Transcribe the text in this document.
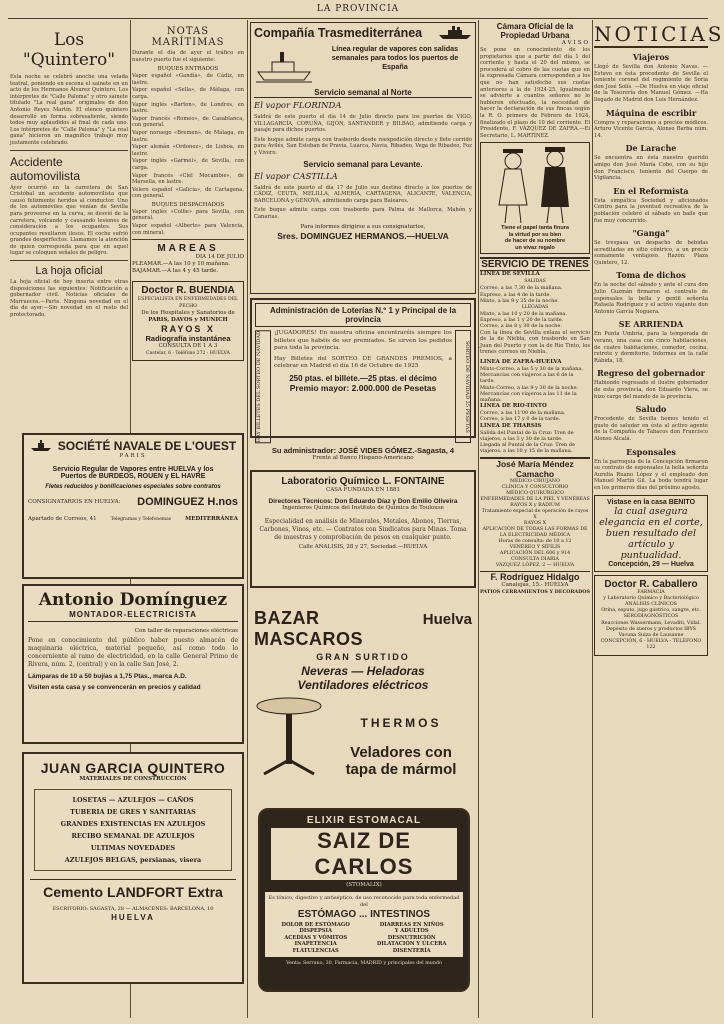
LA PROVINCIA
Los "Quintero"

Esta noche se celebró anoche una velada teatral, poniendo en escena el sainete en un acto de los Hermanos Álvarez Quintero. Los intérpretes de "Calle Paloma" y otro sainete titulado "La real gana" originales de don Antonio Reyes Martín. El elenco quintero desarrolló en forma sobresaliente, siendo todos muy aplaudidos al final de cada uno. Los intérpretes de "Calle Paloma" y "La real gana" hicieron un magnífico trabajo muy justamente celebrado.

Accidente automovilista

Ayer ocurrió en la carretera de San Cristóbal un accidente automovilista que causó felizmente heridos al conductor. Uno de los automóviles que venían de Sevilla para proveerse en la curva, se desvió de la carretera, volcando y causando lesiones de consideración a los ocupantes. Sus ocupantes resultaron ilesos. El coche sufrió grandes desperfectos. Llamamos la atención de quien corresponda para que en aquel lugar se coloquen señales de peligro.

La hoja oficial

La hoja oficial de hoy inserta entre otras disposiciones las siguientes: Notificación a gobernador civil. Noticias oficiales de Marruecos.—Parte. Ninguna novedad en el día de ayer.—Sin novedad en el resto del protectorado.

NOTAS MARÍTIMAS

Durante el día de ayer el tráfico en nuestro puerto fue el siguiente:

BUQUES ENTRADOS
Vapor español «Gandía», de Cádiz, en lastre.
Vapor español «Sella», de Málaga, con carga.
Vapor inglés «Barton», de Londres, en lastre.
Vapor francés «Romeo», de Casablanca, con general.
Vapor noruego «Bremen», de Málaga, en lastre.
Vapor alemán «Ordonez», de Lisboa, en lastre.
Vapor inglés «Garmel», de Sevilla, con carga.
Vapor francés «Ciel Mocambie», de Marsella, en lastre.
Velero español «Galicia», de Cartagena, con general.
BUQUES DESPACHADOS
Vapor inglés «Collie» para Sevilla, con general.
Vapor español «Alberto» para Valencia, con mineral.
MAREAS
DIA 14 DE JULIO
PLEAMAR.—A las 10 y 10 mañana.
BAJAMAR.—A las 4 y 45 tarde.
Doctor R. BUENDIA
ESPECIALISTA EN ENFERMEDADES DEL PECHO
De los Hospitales y Sanatorios de
PARIS, DAVOS y MUNICH
RAYOS X
Radiografía instantánea
CONSULTA DE 1 A 3
Castelar, 6 · Teléfono 272 · HUELVA
SOCIÉTÉ NAVALE DE L'OUEST
PARIS
Servicio Regular de Vapores entre HUELVA y los
Puertos de BURDEOS, ROUEN y EL HAVRE
Fletes reducidos y bonificaciones especiales sobre contratos
CONSIGNATARIOS EN HUELVA: DOMINGUEZ H.nos
Apartado de Correos, 41	Telegramas y Telefonemas	MEDITERRÁNEA
Antonio Domínguez
MONTADOR-ELECTRICISTA
Con taller de reparaciones eléctricas

Pone en conocimiento del público haber puesto almacén de maquinaria eléctrica, material pequeño, así como todo lo concerniente al ramo de electricidad, en la calle General Primo de Rivera, núm. 2, (central) y en la calle San José, 2.

Lámparas de 10 a 50 bujías a 1,75 Ptas., marca A.D.
Visiten esta casa y se convencerán en precios y calidad
JUAN GARCIA QUINTERO
MATERIALES DE CONSTRUCCIÓN
LOSETAS — AZULEJOS — CAÑOS
TUBERIA DE GRES Y SANITARIAS
GRANDES EXISTENCIAS EN AZULEJOS
RECIBO SEMANAL DE AZULEJOS
ULTIMAS NOVEDADES
AZULEJOS BELGAS, persianas, visera
Cemento LANDFORT Extra
ESCRITORIO: SAGASTA, 28 — ALMACENES: BARCELONA, 10
HUELVA
Compañía Trasmediterránea
Línea regular de vapores con salidas semanales para todos los puertos de España
Servicio semanal al Norte
El vapor FLORINDA

Saldrá de este puerto el día 14 de Julio directo para los puertos de VIGO, VILLAGARCÍA, CORUÑA, GIJÓN, SANTANDER y BILBAO, admitiendo carga y pasaje para dichos puertos.

Este buque admite carga con trasbordo desde reexpedición directo y flete corrido para Avilés, San Esteban de Pravia, Luarca, Navia, Ribadeo, Vega de Ribadeo, Foz y Vivero.

Servicio semanal para Levante.
El vapor CASTILLA

Saldrá de este puerto el día 17 de Julio sus destino directo a los puertos de CÁDIZ, CEUTA, MELILLA, ALMERÍA, CARTAGENA, ALICANTE, VALENCIA, BARCELONA y GÉNOVA, admitiendo carga para Baleares.

Este buque admite carga con trasbordo para Palma de Mallorca, Mahón y Canarias.

Para informes dirigirse a sus consignatarios,
Sres. DOMINGUEZ HERMANOS.—HUELVA
Administración de Loterías N.º 1 y Principal de la provincia
HAY BILLETES DEL SORTEO DE NAVIDAD	¡JUGADORES! En nuestra oficina encontraréis siempre los billetes que habéis de ser premiados. Se sirven los pedidos para toda la provincia.

Hay Billetes del SORTEO DE GRANDES PREMIOS, a celebrar en Madrid el día 16 de Octubre de 1925

250 ptas. el billete.—25 ptas. el décimo
Premio mayor: 2.000.000 de Pesetas	SORTEO DE NAVIDAD 25 PESETAS
Su administrador: JOSÉ VIDES GÓMEZ.-Sagasta, 4
Frente al Banco Hispano-Americano
Laboratorio Químico L. FONTAINE
CASA FUNDADA EN 1881
Directores Técnicos: Don Eduardo Díaz y Don Emilio Oliveira
Ingenieros Químicos del Instituto de Química de Toulouse

Especialidad en análisis de Minerales, Metales, Abonos, Tierras, Carbones, Vinos, etc. — Contratos con Sindicatos para Minas. Toma de muestras y comprobación de pesos en cualquier punto.

Calle ANALISIS, 28 y 27, Sociedad.—HUELVA
BAZAR MASCAROS
Huelva
GRAN SURTIDO
Neveras — Heladoras
Ventiladores eléctricos
THERMOS
Veladores con
tapa de mármol
ELIXIR ESTOMACAL
SAIZ DE CARLOS
(STOMALIX)
Es tónico, digestivo y antiséptico, de uso reconocido para toda enfermedad del
ESTÓMAGO ... INTESTINOS
DOLOR DE ESTÓMAGO
DISPEPSIA
ACEDÍAS Y VÓMITOS
INAPETENCIA
FLATULENCIAS
DIARREAS EN NIÑOS
Y ADULTOS
DESNUTRICIÓN
DILATACIÓN Y ÚLCERA
DISENTERÍA
Venta: Serrano, 30, Farmacia, MADRID y principales del mundo
Cámara Oficial de la Propiedad Urbana
AVISO

Se pone en conocimiento de los propietarios que a partir del día 1 del corriente y hasta el 20 del mismo, se procederá al cobro de las cuotas que en la expresada Cámara corresponden a los que no han satisfecho sus cuotas anteriores a la de 1924-25. Igualmente se advierte a cuantos señores no lo hubieren efectuado, la necesidad de hacer la declaración de sus fincas según la R. O. primero de Febrero de 1924, finalizado el plazo de 10 del corriente. El Presidente, F. VÁZQUEZ DE ZAFRA.—El Secretario, L. MARTÍNEZ.

Tiene el papel tanta finura
la virtud por su bien
de hacer de su nombre
un vivaz regalo
SERVICIO DE TRENES
LINEA DE SEVILLA
SALIDAS
Correo, a las 7,30 de la mañana.
Expreso, a las 4 de la tarde.
Mixto, a las 9 y 35 de la noche.
LLEGADAS
Mixto, a las 10 y 20 de la mañana.
Expreso, a las 1 y 20 de la tarde.
Correo, a las 8 y 30 de la noche.

Con la línea de Sevilla enlaza el servicio de la de Niebla, con trasbordo en San Juan del Puerto y con la de Río Tinto, los trenes correos en Niebla.

LINEA DE ZAFRA-HUELVA
Mixto-Correo, a las 5 y 30 de la mañana.
Mercancías con viajeros a las 6 de la tarde.
Mixto-Correo, a las 9 y 30 de la noche.
Mercancías con viajeros a las 11 de la mañana.
LINEA DE RIO-TINTO
Correo, a las 11'00 de la mañana.
Correo, a las 17 y 0 de la tarde.
LINEA DE THARSIS
Salida del Puntal de la Cruz: Tren de viajeros, a las 3 y 30 de la tarde.
Llegada al Puntal de la Cruz: Tren de viajeros, a las 10 y 15 de la mañana.
José María Méndez Camacho
MÉDICO CIRUJANO
CLÍNICA Y CONSULTORIO
MÉDICO QUIRÚRGICO
ENFERMEDADES DE LA PIEL Y VENÉREAS
RAYOS X y RADIUM
Tratamiento especial de operación de rayos X
RAYOS X
APLICACIÓN DE TODAS LAS FORMAS DE LA ELECTRICIDAD MÉDICA
Horas de consulta: de 10 a 12
VENÉREO Y SÍFILIS
APLICACIÓN DEL 606 y 914
CONSULTA DIARIA
VÁZQUEZ LÓPEZ, 2 — HUELVA
F. Rodríguez Hidalgo
Canalejas, 15.- HUELVA
PATIOS CERRAMIENTOS Y DECORADOS
NOTICIAS
Viajeros

Llegó de Sevilla don Antonio Navas. —Estuvo en ésta procedente de Sevilla el teniente coronel del regimiento de Soria don José Solís. —De Huelva en viaje oficial de la Tesorería don Manuel Gómez. —Ha llegado de Madrid don Luis Hernández.

Máquina de escribir

Compra y reparaciones a precios módicos. Arturo Vicente García, Alonso Barba núm. 14.

De Larache

Se encuentra en ésta nuestro querido amigo don José María Cobo, con su hijo don Francisco, teniente del Cuerpo de Vigilancia.

En el Reformista

Esta simpática Sociedad y aficionados Centro para la juventud recreativa de la población celebró el sábado un baile que fue muy concurrido.

"Ganga"

Se trespasa un despacho de bebidas acreditadas en sitio céntrico, a un precio sumamente ventajoso. Razón: Plaza Quintero, 12.

Toma de dichos

En la noche del sábado y ante el cura don Julio Guzmán firmaron el contrato de esponsales la bella y gentil señorita Rafaela Rodríguez y el activo viajante don Antonio García Noguera.

SE ARRIENDA

En Punta Umbría, para la temporada de verano, una casa con cinco habitaciones, de cuatro habitaciones, comedor, cocina, retrete y dormitorio. Informes en la calle Rábida, 18.

Regreso del gobernador

Habiendo regresado el ilustre gobernador de esta provincia, don Eduardo Viera, se hizo cargo del mando de la provincia.

Saludo

Procedente de Sevilla hemos tenido el gusto de saludar en ésta al activo agente de la Compañía de Tabacos don Francisco Alonso Alcalá.

Esponsales

En la parroquia de la Concepción firmaron su contrato de esponsales la bella señorita Aurelia Ruano López y el empleado don Manuel Martín Gil. La boda tendrá lugar en los primeros días del próximo agosto.

Vistase en la casa BENITO
la cual asegura elegancia en el corte, buen resultado del artículo y puntualidad.
Concepción, 29 — Huelva
Doctor R. Caballero
FARMACIA
y Laboratorio Químico y Bacteriológico
ANÁLISIS CLÍNICOS
Orina, esputo, jugo gástrico, sangre, etc.
SERODIAGNÓSTICOS
Reacciones Wassermann, Levaditi, Vidal.
Depósito de sueros y productos IBYS
Vacuna Suiza de Lausanne
CONCEPCIÓN, 6 - HUELVA - TELÉFONO 122
